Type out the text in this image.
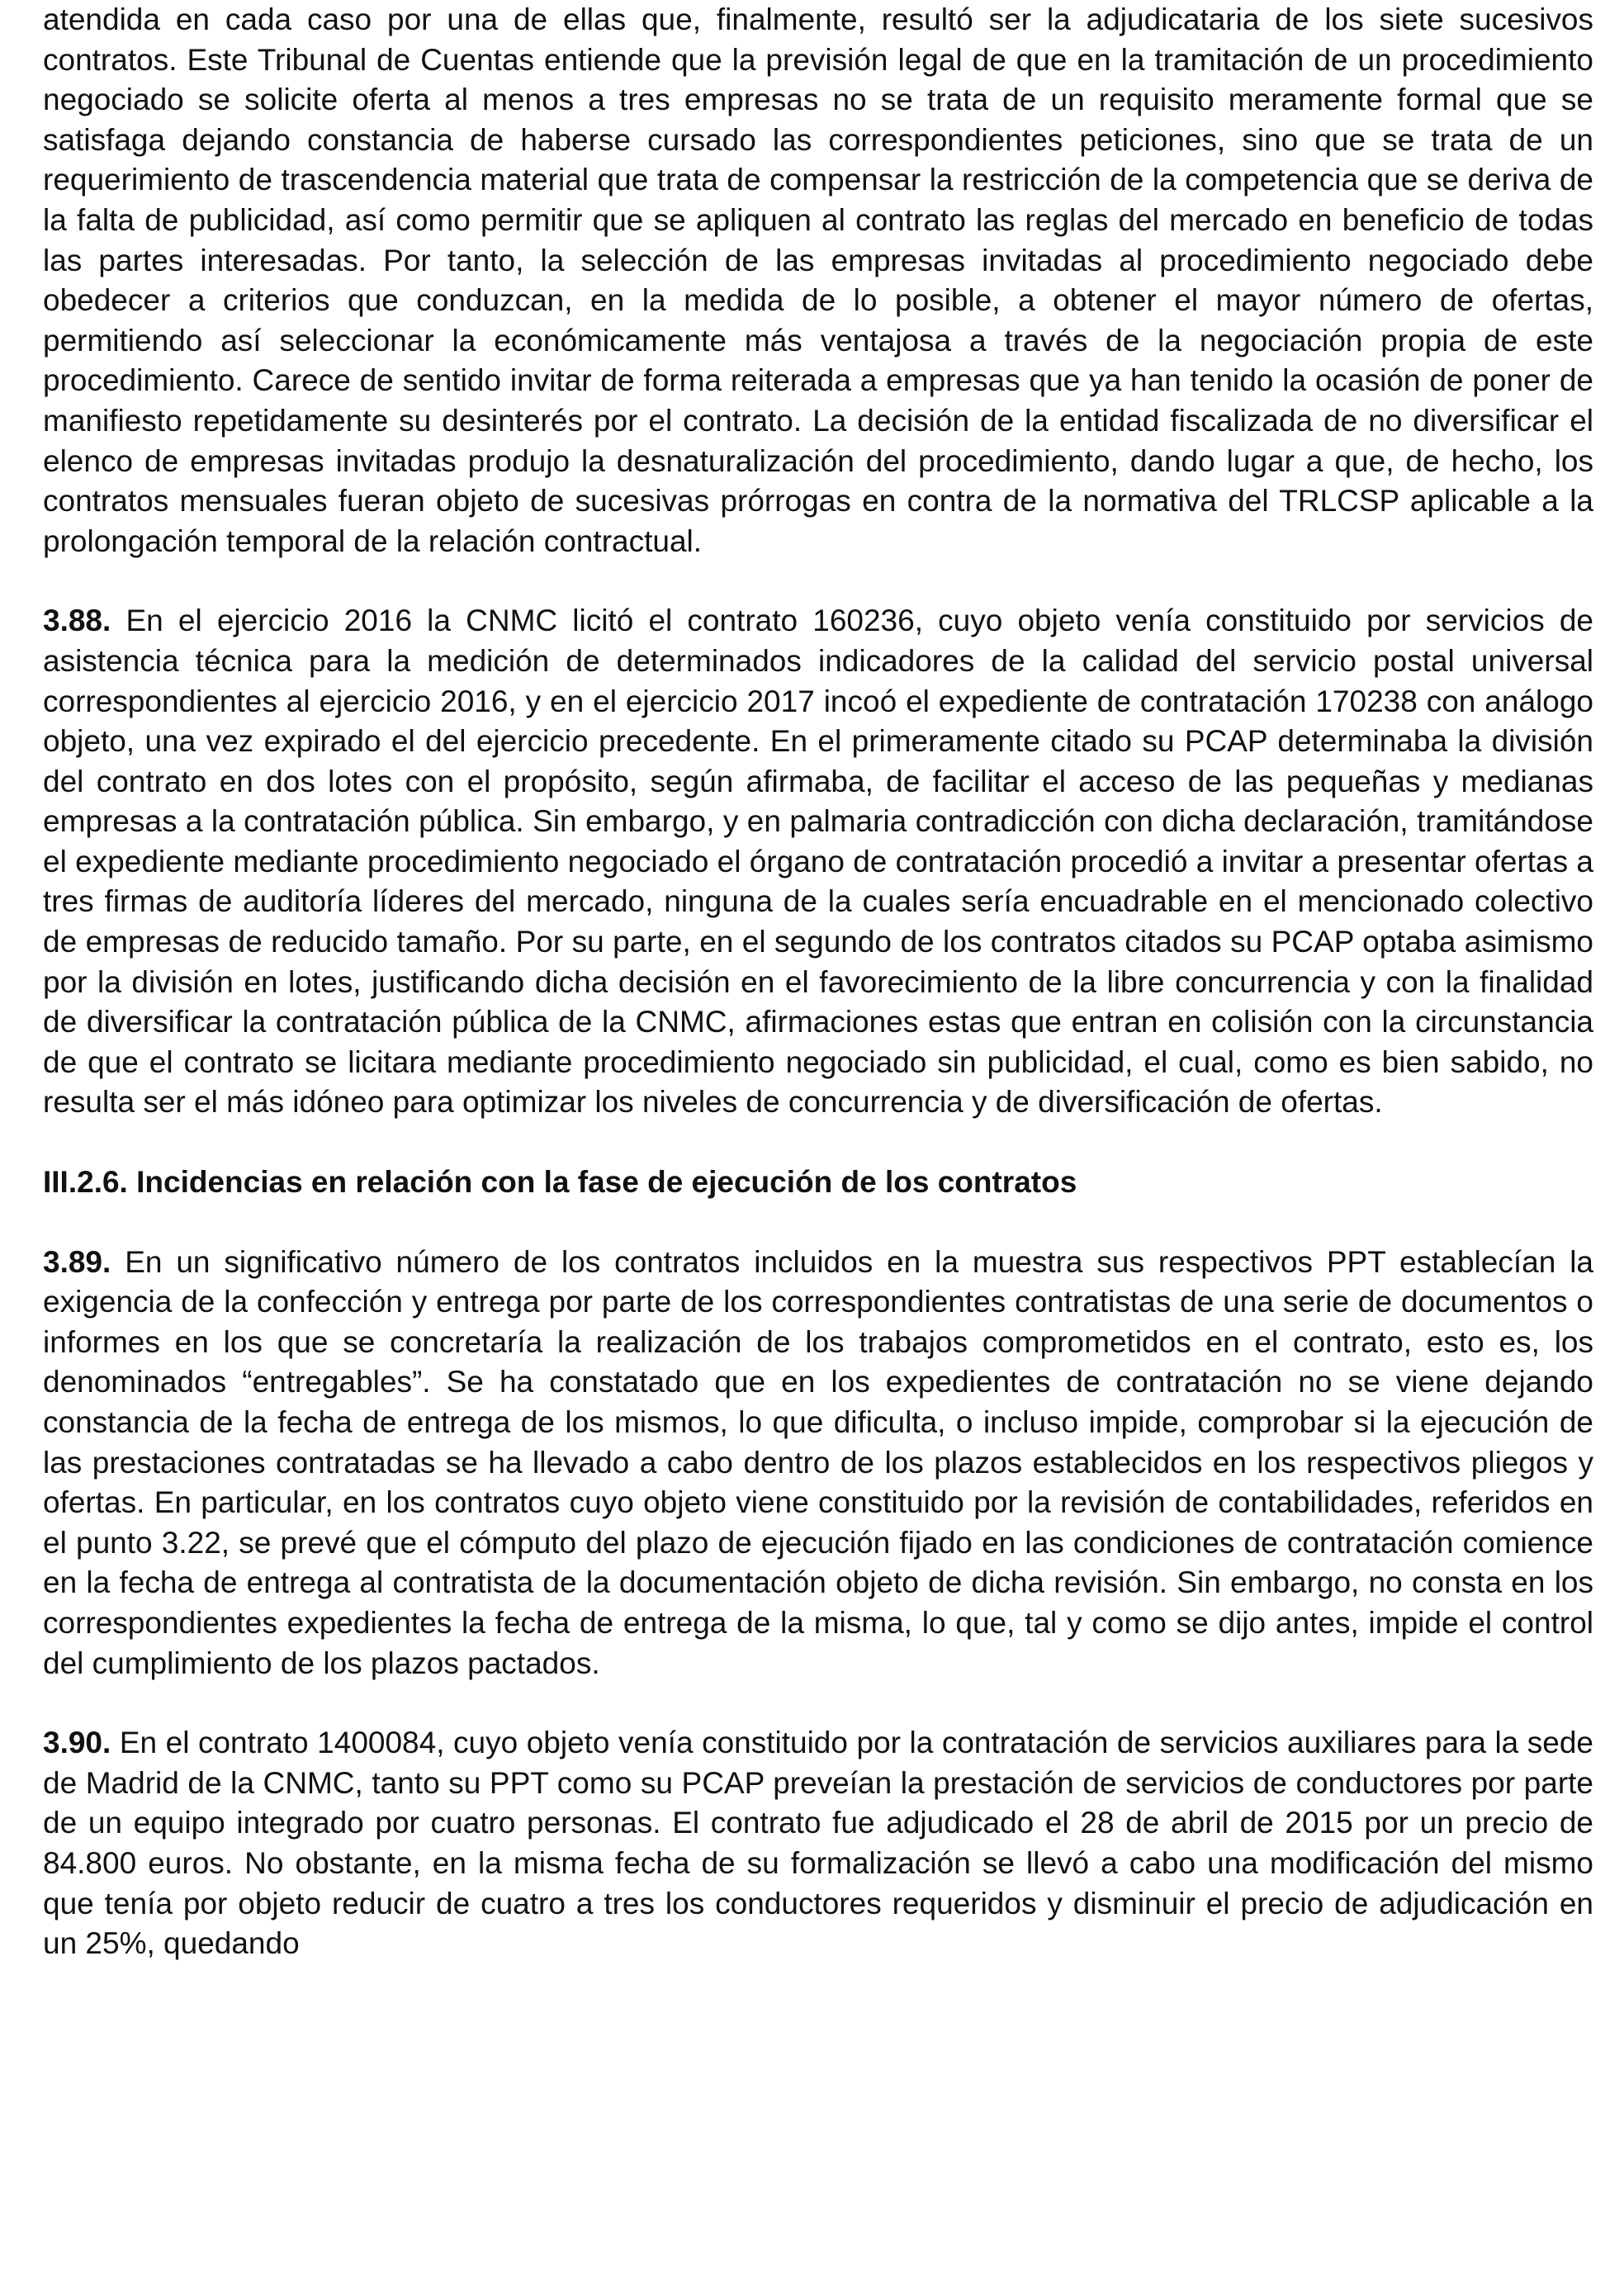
atendida en cada caso por una de ellas que, finalmente, resultó ser la adjudicataria de los siete sucesivos contratos. Este Tribunal de Cuentas entiende que la previsión legal de que en la tramitación de un procedimiento negociado se solicite oferta al menos a tres empresas no se trata de un requisito meramente formal que se satisfaga dejando constancia de haberse cursado las correspondientes peticiones, sino que se trata de un requerimiento de trascendencia material que trata de compensar la restricción de la competencia que se deriva de la falta de publicidad, así como permitir que se apliquen al contrato las reglas del mercado en beneficio de todas las partes interesadas. Por tanto, la selección de las empresas invitadas al procedimiento negociado debe obedecer a criterios que conduzcan, en la medida de lo posible, a obtener el mayor número de ofertas, permitiendo así seleccionar la económicamente más ventajosa a través de la negociación propia de este procedimiento. Carece de sentido invitar de forma reiterada a empresas que ya han tenido la ocasión de poner de manifiesto repetidamente su desinterés por el contrato. La decisión de la entidad fiscalizada de no diversificar el elenco de empresas invitadas produjo la desnaturalización del procedimiento, dando lugar a que, de hecho, los contratos mensuales fueran objeto de sucesivas prórrogas en contra de la normativa del TRLCSP aplicable a la prolongación temporal de la relación contractual.

3.88. En el ejercicio 2016 la CNMC licitó el contrato 160236, cuyo objeto venía constituido por servicios de asistencia técnica para la medición de determinados indicadores de la calidad del servicio postal universal correspondientes al ejercicio 2016, y en el ejercicio 2017 incoó el expediente de contratación 170238 con análogo objeto, una vez expirado el del ejercicio precedente. En el primeramente citado su PCAP determinaba la división del contrato en dos lotes con el propósito, según afirmaba, de facilitar el acceso de las pequeñas y medianas empresas a la contratación pública. Sin embargo, y en palmaria contradicción con dicha declaración, tramitándose el expediente mediante procedimiento negociado el órgano de contratación procedió a invitar a presentar ofertas a tres firmas de auditoría líderes del mercado, ninguna de la cuales sería encuadrable en el mencionado colectivo de empresas de reducido tamaño. Por su parte, en el segundo de los contratos citados su PCAP optaba asimismo por la división en lotes, justificando dicha decisión en el favorecimiento de la libre concurrencia y con la finalidad de diversificar la contratación pública de la CNMC, afirmaciones estas que entran en colisión con la circunstancia de que el contrato se licitara mediante procedimiento negociado sin publicidad, el cual, como es bien sabido, no resulta ser el más idóneo para optimizar los niveles de concurrencia y de diversificación de ofertas.

III.2.6. Incidencias en relación con la fase de ejecución de los contratos

3.89. En un significativo número de los contratos incluidos en la muestra sus respectivos PPT establecían la exigencia de la confección y entrega por parte de los correspondientes contratistas de una serie de documentos o informes en los que se concretaría la realización de los trabajos comprometidos en el contrato, esto es, los denominados “entregables”. Se ha constatado que en los expedientes de contratación no se viene dejando constancia de la fecha de entrega de los mismos, lo que dificulta, o incluso impide, comprobar si la ejecución de las prestaciones contratadas se ha llevado a cabo dentro de los plazos establecidos en los respectivos pliegos y ofertas. En particular, en los contratos cuyo objeto viene constituido por la revisión de contabilidades, referidos en el punto 3.22, se prevé que el cómputo del plazo de ejecución fijado en las condiciones de contratación comience en la fecha de entrega al contratista de la documentación objeto de dicha revisión. Sin embargo, no consta en los correspondientes expedientes la fecha de entrega de la misma, lo que, tal y como se dijo antes, impide el control del cumplimiento de los plazos pactados.

3.90. En el contrato 1400084, cuyo objeto venía constituido por la contratación de servicios auxiliares para la sede de Madrid de la CNMC, tanto su PPT como su PCAP preveían la prestación de servicios de conductores por parte de un equipo integrado por cuatro personas. El contrato fue adjudicado el 28 de abril de 2015 por un precio de 84.800 euros. No obstante, en la misma fecha de su formalización se llevó a cabo una modificación del mismo que tenía por objeto reducir de cuatro a tres los conductores requeridos y disminuir el precio de adjudicación en un 25%, quedando
